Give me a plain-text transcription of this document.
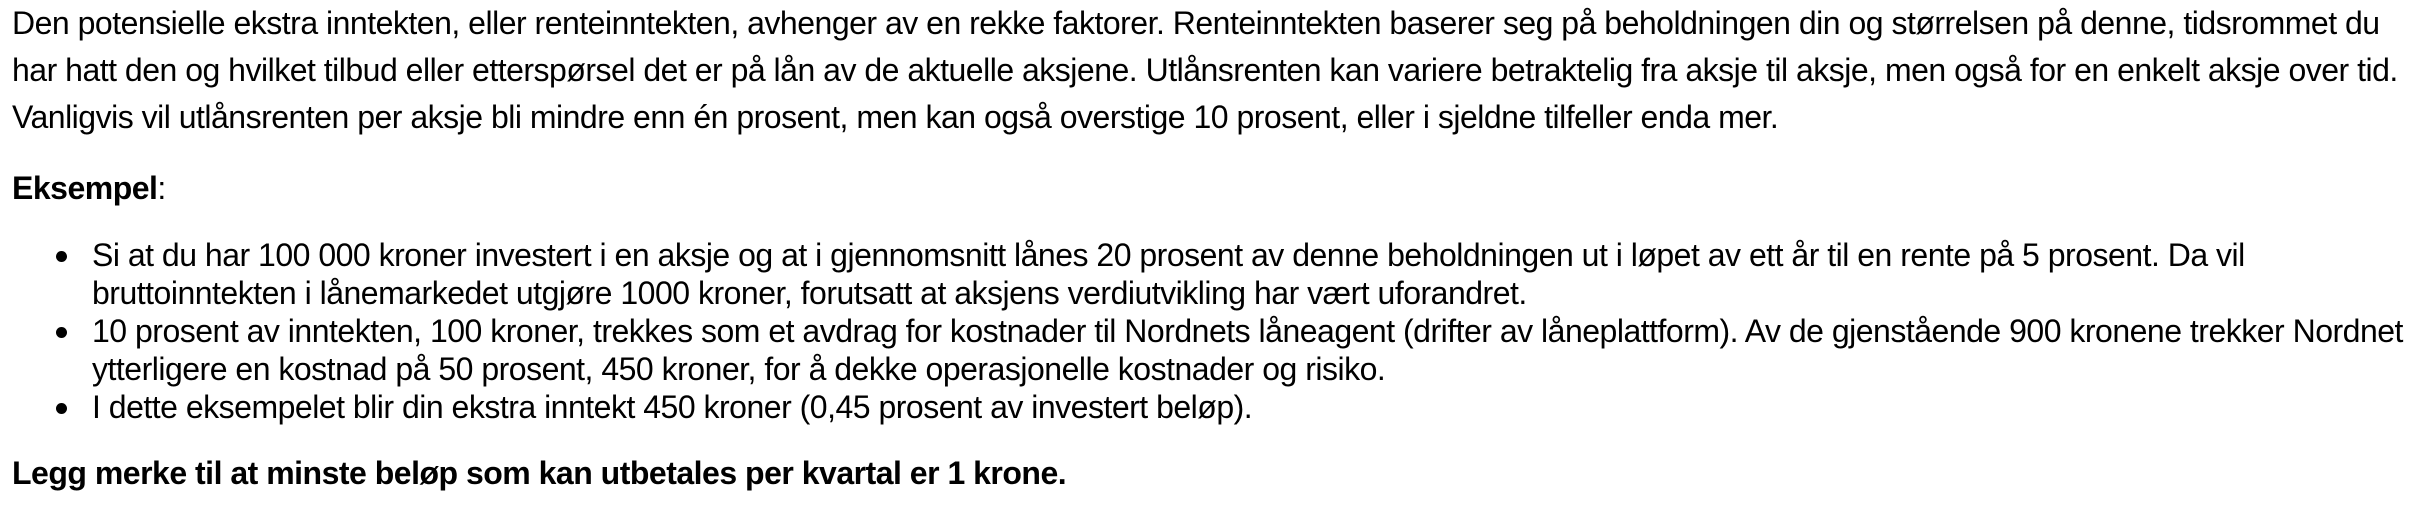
Den potensielle ekstra inntekten, eller renteinntekten, avhenger av en rekke faktorer. Renteinntekten baserer seg på beholdningen din og størrelsen på denne, tidsrommet du har hatt den og hvilket tilbud eller etterspørsel det er på lån av de aktuelle aksjene. Utlånsrenten kan variere betraktelig fra aksje til aksje, men også for en enkelt aksje over tid. Vanligvis vil utlånsrenten per aksje bli mindre enn én prosent, men kan også overstige 10 prosent, eller i sjeldne tilfeller enda mer.

Eksempel:

Si at du har 100 000 kroner investert i en aksje og at i gjennomsnitt lånes 20 prosent av denne beholdningen ut i løpet av ett år til en rente på 5 prosent. Da vil bruttoinntekten i lånemarkedet utgjøre 1000 kroner, forutsatt at aksjens verdiutvikling har vært uforandret.
10 prosent av inntekten, 100 kroner, trekkes som et avdrag for kostnader til Nordnets låneagent (drifter av låneplattform). Av de gjenstående 900 kronene trekker Nordnet ytterligere en kostnad på 50 prosent, 450 kroner, for å dekke operasjonelle kostnader og risiko.
I dette eksempelet blir din ekstra inntekt 450 kroner (0,45 prosent av investert beløp).

Legg merke til at minste beløp som kan utbetales per kvartal er 1 krone.
